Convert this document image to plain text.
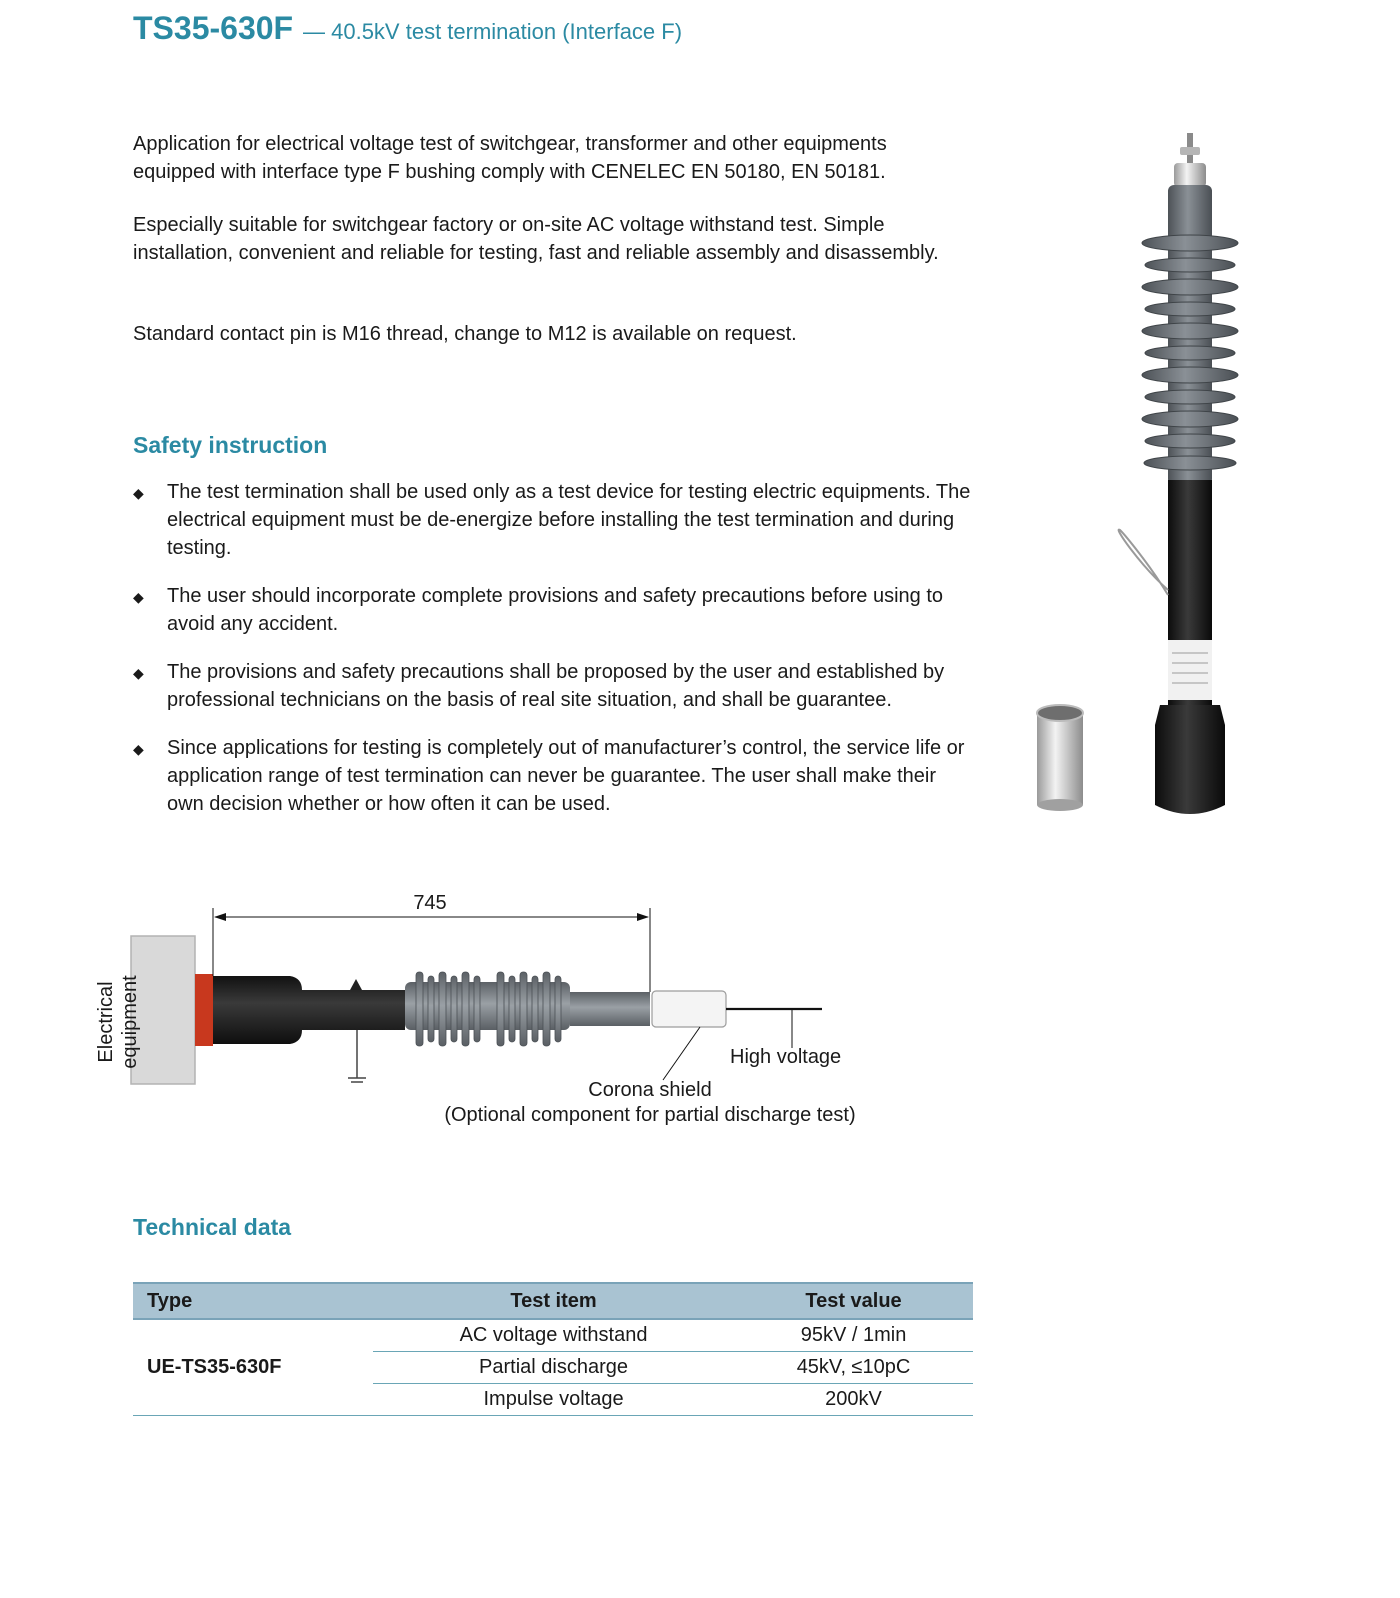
TS35-630F — 40.5kV test termination (Interface F)

Application for electrical voltage test of switchgear, transformer and other equipments equipped with interface type F bushing comply with CENELEC EN 50180, EN 50181.

Especially suitable for switchgear factory or on-site AC voltage withstand test. Simple installation, convenient and reliable for testing, fast and reliable assembly and disassembly.

Standard contact pin is M16 thread, change to M12 is available on request.

Safety instruction
◆ The test termination shall be used only as a test device for testing electric equipments. The electrical equipment must be de-energize before installing the test termination and during testing.
◆ The user should incorporate complete provisions and safety precautions before using to avoid any accident.
◆ The provisions and safety precautions shall be proposed by the user and established by professional technicians on the basis of real site situation, and shall be guarantee.
◆ Since applications for testing is completely out of manufacturer’s control, the service life or application range of test termination can never be guarantee. The user shall make their own decision whether or how often it can be used.
745
Electrical equipment	High voltage
Corona shield
(Optional component for partial discharge test)
Technical data
Type	Test item	Test value
UE-TS35-630F	AC voltage withstand	95kV / 1min
	Partial discharge	45kV, ≤10pC
	Impulse voltage	200kV
